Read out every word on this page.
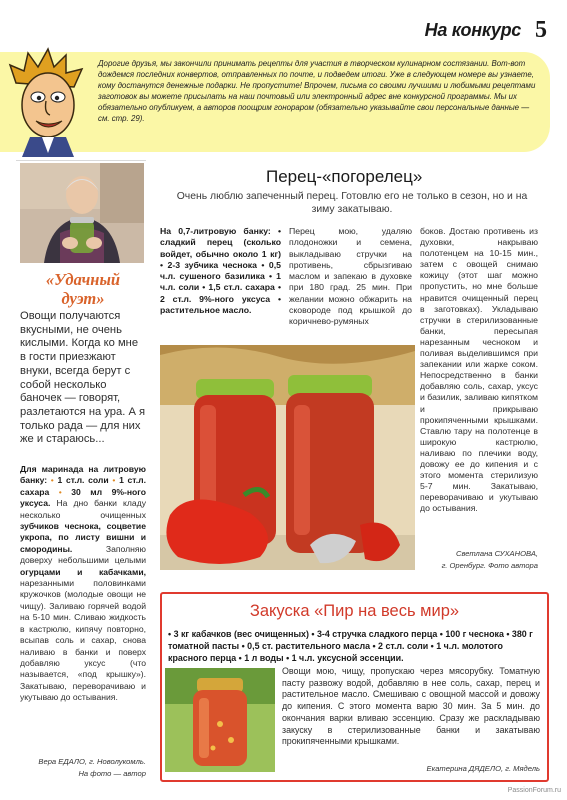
На конкурс 5
Дорогие друзья, мы закончили принимать рецепты для участия в творческом кулинарном состязании. Вот-вот дождемся последних конвертов, отправленных по почте, и подведем итоги. Уже в следующем номере вы узнаете, кому достанутся денежные подарки. Не пропустите! Впрочем, письма со своими лучшими и любимыми рецептами заготовок вы можете присылать на наш почтовый или электронный адрес вне конкурсной программы. Мы их обязательно опубликуем, а авторов поощрим гонораром (обязательно указывайте свои персональные данные — см. стр. 29).
«Удачный дуэт»
Овощи получаются вкусными, не очень кислыми. Когда ко мне в гости приезжают внуки, всегда берут с собой несколько баночек — говорят, разлетаются на ура. А я только рада — для них же и стараюсь...
Для маринада на литровую банку: • 1 ст.л. соли • 1 ст.л. сахара • 30 мл 9%-ного уксуса. На дно банки кладу несколько очищенных зубчиков чеснока, соцветие укропа, по листу вишни и смородины.	Заполняю доверху небольшими целыми огурцами и кабачками, нарезанными половинками кружочков (молодые овощи не чищу). Заливаю горячей водой на 5-10 мин. Сливаю жидкость в кастрюлю, кипячу повторно, всыпав соль и сахар, снова наливаю в банки и поверх добавляю уксус (что называется, «под крышку»). Закатываю, переворачиваю и укутываю до остывания.
Вера ЕДАЛО, г. Новолукомль.
На фото — автор
Перец-«погорелец»
Очень люблю запеченный перец. Готовлю его не только в сезон, но и на зиму закатываю.
На 0,7-литровую банку: • сладкий перец (сколько войдет, обычно около 1 кг) • 2-3 зубчика чеснока • 0,5 ч.л. сушеного базилика • 1 ч.л. соли • 1,5 ст.л. сахара • 2 ст.л. 9%-ного уксуса • растительное масло.
Перец мою, удаляю плодоножки и семена, выкладываю стручки на противень, сбрызгиваю маслом и запекаю в духовке при 180 град. 25 мин. При желании можно обжарить на сковороде под крышкой до коричнево-румяных
боков. Достаю противень из духовки, накрываю полотенцем на 10-15 мин., затем с овощей снимаю кожицу (этот шаг можно пропустить, но мне больше нравится очищенный перец в заготовках). Укладываю стручки в стерилизованные банки, пересыпая нарезанным чесноком и поливая выделившимся при запекании или жарке соком. Непосредственно в банки добавляю соль, сахар, уксус и базилик, заливаю кипятком и прикрываю прокипяченными крышками. Ставлю тару на полотенце в широкую кастрюлю, наливаю по плечики воду, довожу ее до кипения и с этого момента стерилизую 5-7 мин. Закатываю, переворачиваю и укутываю до остывания.
Светлана СУХАНОВА,
г. Оренбург. Фото автора
Закуска «Пир на весь мир»
• 3 кг кабачков (вес очищенных) • 3-4 стручка сладкого перца • 100 г чеснока • 380 г томатной пасты • 0,5 ст. растительного масла • 2 ст.л. соли • 1 ч.л. молотого красного перца • 1 л воды • 1 ч.л. уксусной эссенции.
Овощи мою, чищу, пропускаю через мясорубку. Томатную пасту развожу водой, добавляю в нее соль, сахар, перец и растительное масло. Смешиваю с овощной массой и довожу до кипения. С этого момента варю 30 мин. За 5 мин. до окончания варки вливаю эссенцию. Сразу же раскладываю закуску в стерилизованные банки и закатываю прокипяченными крышками.
Екатерина ДЯДЕЛО, г. Мядель
PassionForum.ru
